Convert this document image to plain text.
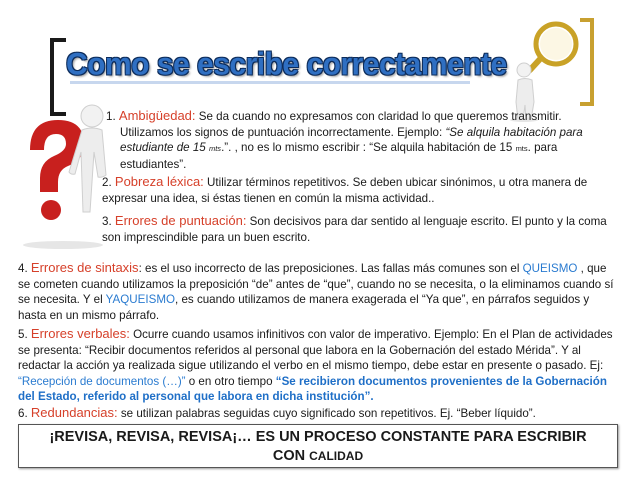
Como se escribe correctamente

1. Ambigüedad: Se da cuando no expresamos con claridad lo que queremos transmitir. Utilizamos los signos de puntuación incorrectamente. Ejemplo: “Se alquila habitación para estudiante de 15 mts.”. , no es lo mismo escribir : “Se alquila habitación de 15 mts. para estudiantes”.

2. Pobreza léxica: Utilizar términos repetitivos. Se deben ubicar sinónimos, u otra manera de expresar una idea, si éstas tienen en común la misma actividad..

3. Errores de puntuación: Son decisivos para dar sentido al lenguaje escrito. El punto y la coma son imprescindible para un buen escrito.

4. Errores de sintaxis: es el uso incorrecto de las preposiciones. Las fallas más comunes son el QUEISMO , que se cometen cuando utilizamos la preposición “de” antes de “que”, cuando no se necesita, o la eliminamos cuando sí se necesita. Y el YAQUEISMO, es cuando utilizamos de manera exagerada el “Ya que”, en párrafos seguidos y hasta en un mismo párrafo.

5. Errores verbales: Ocurre cuando usamos infinitivos con valor de imperativo. Ejemplo: En el Plan de actividades se presenta: “Recibir documentos referidos al personal que labora en la Gobernación del estado Mérida”. Y al redactar la acción ya realizada sigue utilizando el verbo en el mismo tiempo, debe estar en presente o pasado. Ej: “Recepción de documentos (…)” o en otro tiempo “Se recibieron documentos provenientes de la Gobernación del Estado, referido al personal que labora en dicha institución”.

6. Redundancias: se utilizan palabras seguidas cuyo significado son repetitivos. Ej. “Beber líquido”.

¡REVISA, REVISA, REVISA¡… ES UN PROCESO CONSTANTE PARA ESCRIBIR
CON CALIDAD
